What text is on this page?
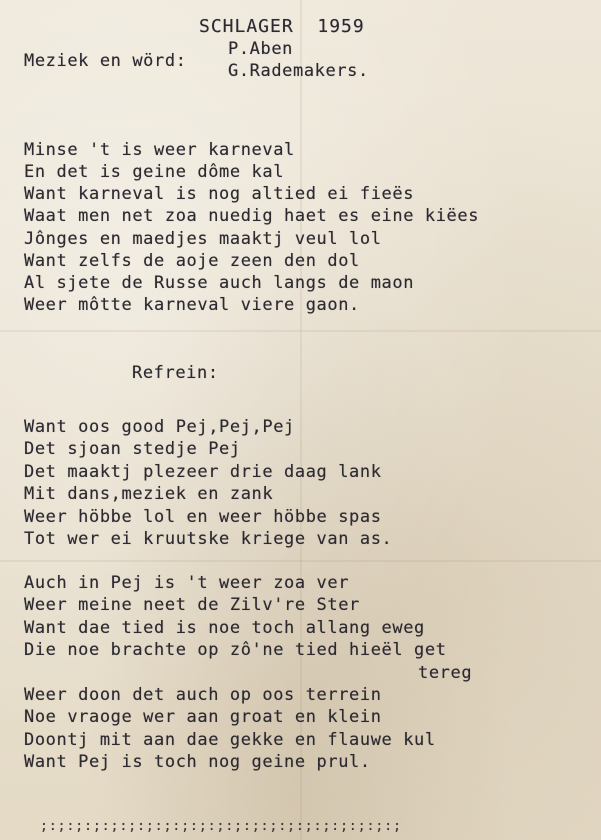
SCHLAGER  1959
Meziek en wörd:
P.Aben
G.Rademakers.

Minse 't is weer karneval

En det is geine dôme kal

Want karneval is nog altied ei fieës

Waat men net zoa nuedig haet es eine kiëes

Jônges en maedjes maaktj veul lol

Want zelfs de aoje zeen den dol

Al sjete de Russe auch langs de maon

Weer môtte karneval viere gaon.

Refrein:

Want oos good Pej,Pej,Pej

Det sjoan stedje Pej

Det maaktj plezeer drie daag lank

Mit dans,meziek en zank

Weer höbbe lol en weer höbbe spas

Tot wer ei kruutske kriege van as.

Auch in Pej is 't weer zoa ver

Weer meine neet de Zilv're Ster

Want dae tied is noe toch allang eweg

Die noe brachte op zô'ne tied hieël get

tereg

Weer doon det auch op oos terrein

Noe vraoge wer aan groat en klein

Doontj mit aan dae gekke en flauwe kul

Want Pej is toch nog geine prul.

;:;:;:;:;:;:;:;:;:;:;:;:;:;:;:;:;:;:;:;:;
